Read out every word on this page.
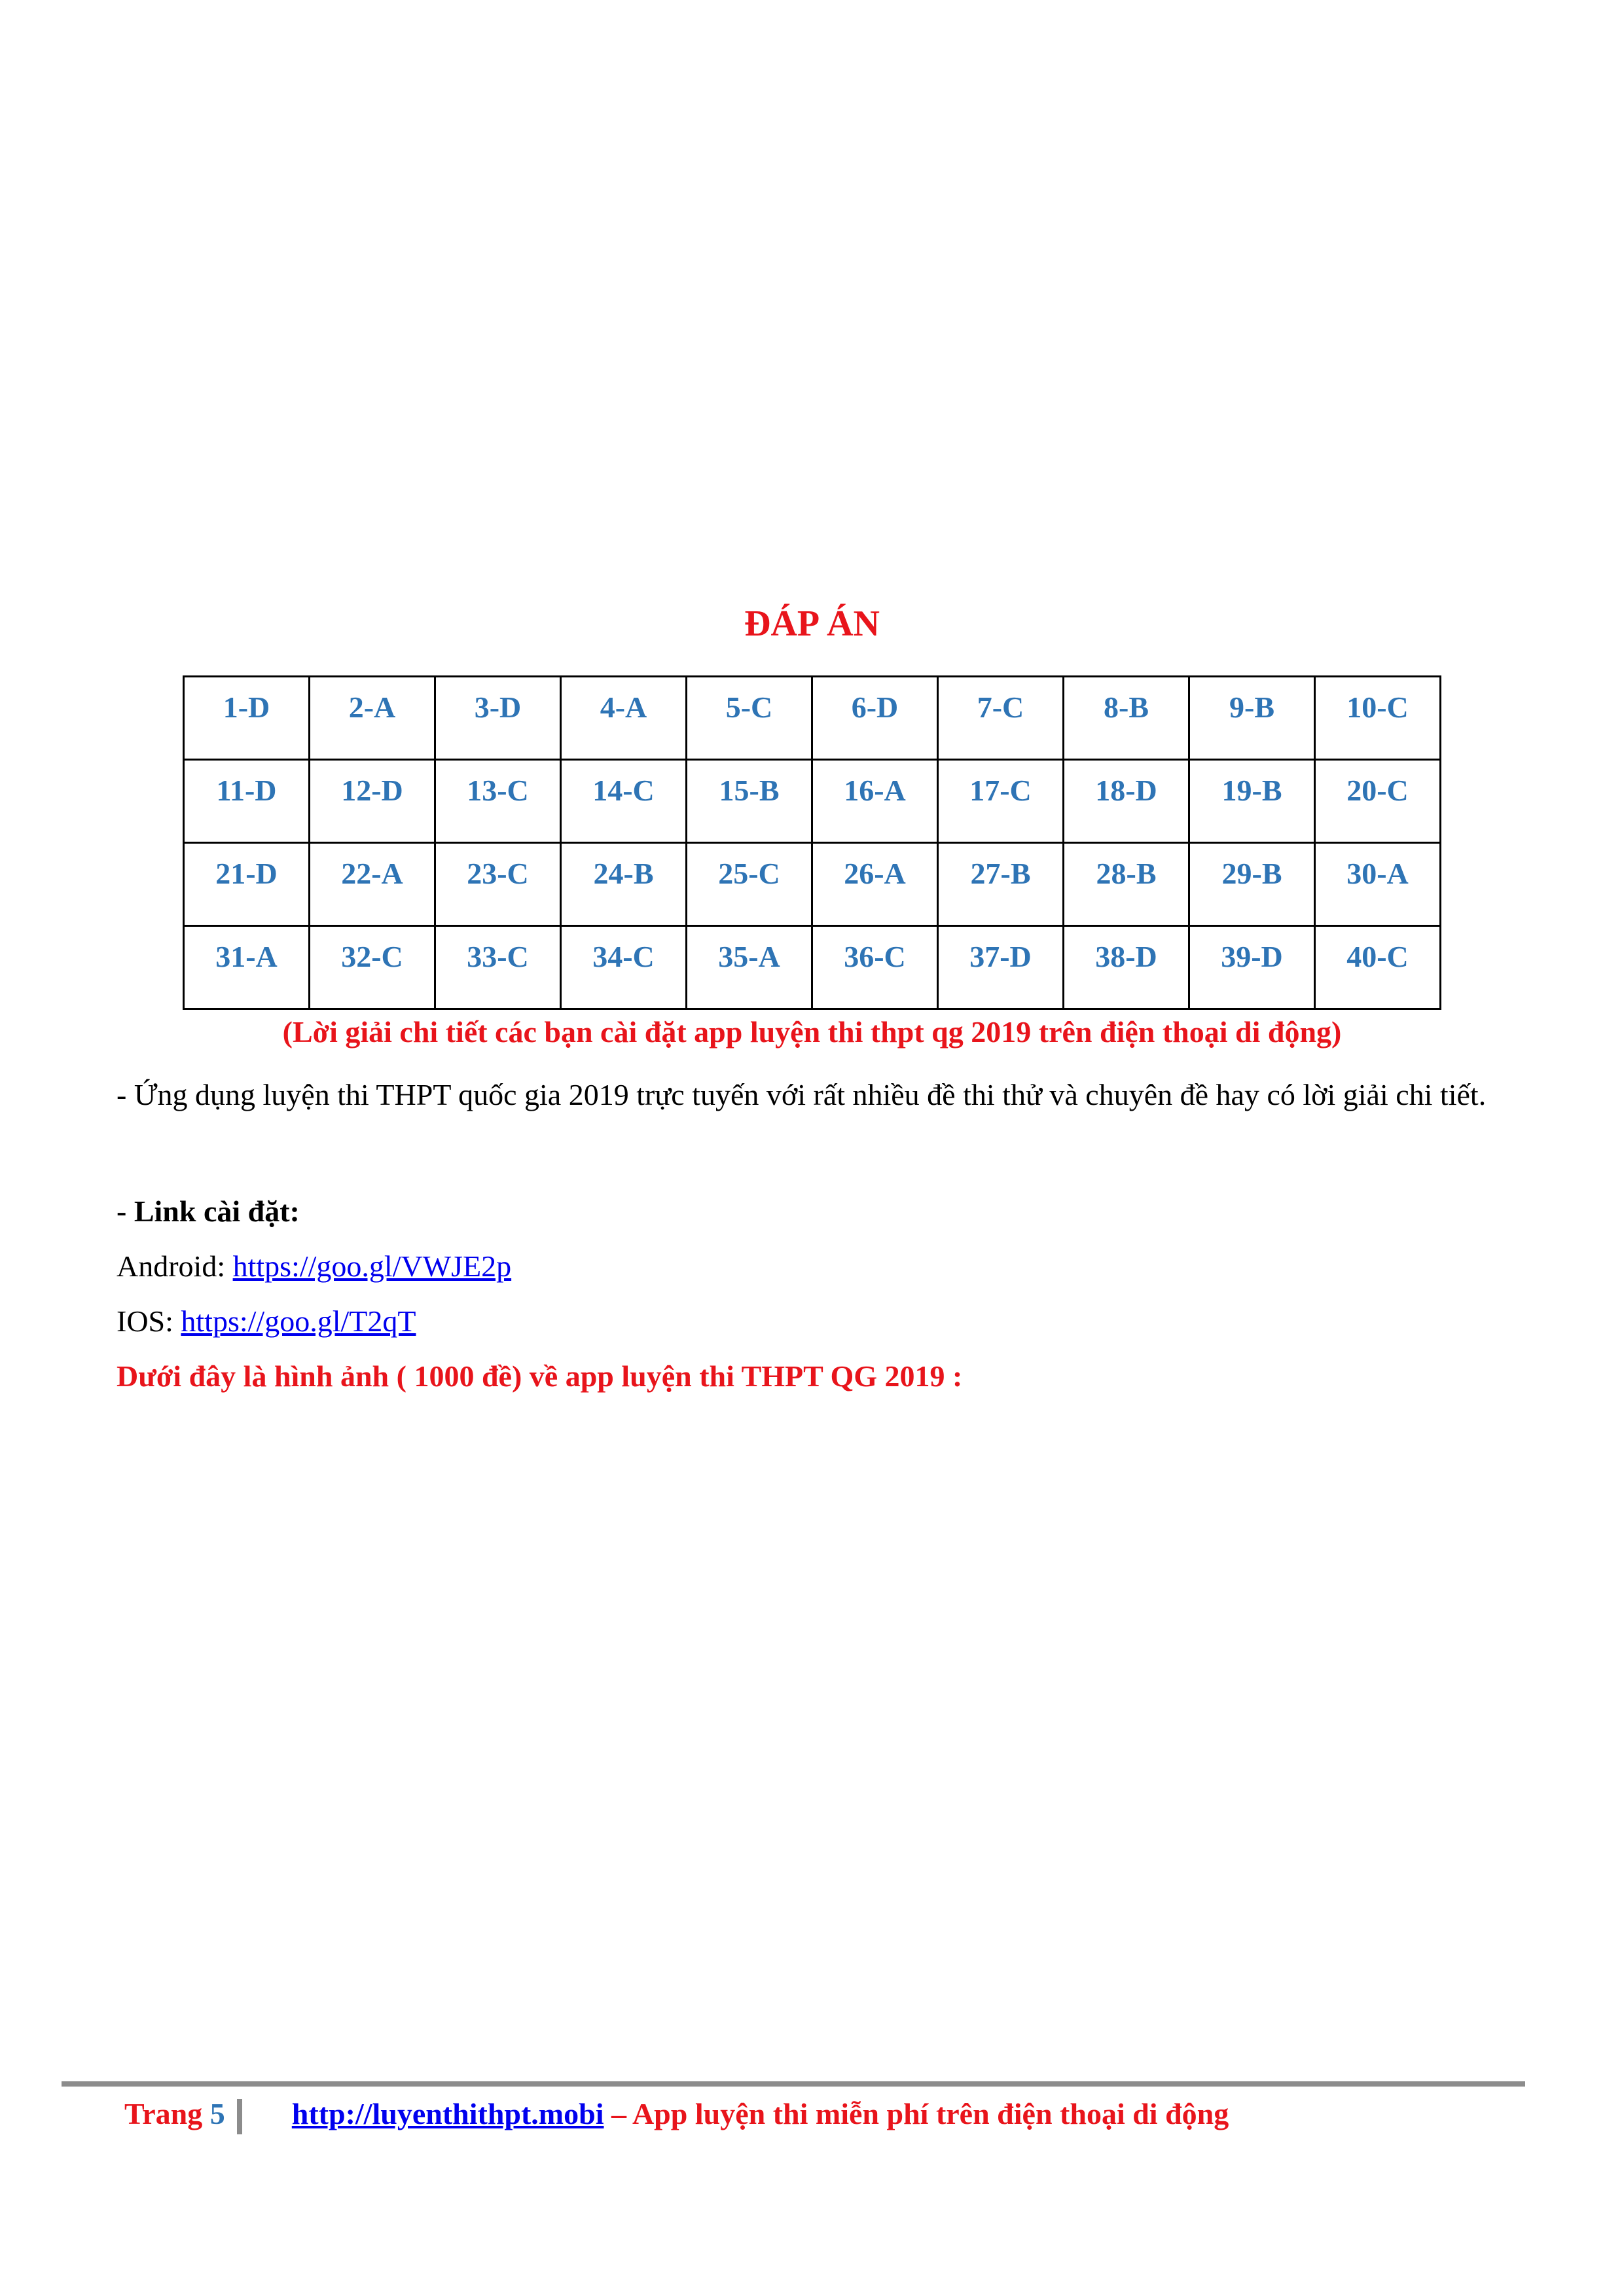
ĐÁP ÁN
1-D	2-A	3-D	4-A	5-C	6-D	7-C	8-B	9-B	10-C
11-D	12-D	13-C	14-C	15-B	16-A	17-C	18-D	19-B	20-C
21-D	22-A	23-C	24-B	25-C	26-A	27-B	28-B	29-B	30-A
31-A	32-C	33-C	34-C	35-A	36-C	37-D	38-D	39-D	40-C

(Lời giải chi tiết các bạn cài đặt app luyện thi thpt qg 2019 trên điện thoại di động)

- Ứng dụng luyện thi THPT quốc gia 2019 trực tuyến với rất nhiều đề thi thử và chuyên đề hay có lời giải chi tiết.

- Link cài đặt:

Android: https://goo.gl/VWJE2p

IOS: https://goo.gl/T2qT

Dưới đây là hình ảnh ( 1000 đề) về app luyện thi THPT QG 2019 :

Trang 5 http://luyenthithpt.mobi – App luyện thi miễn phí trên điện thoại di động
